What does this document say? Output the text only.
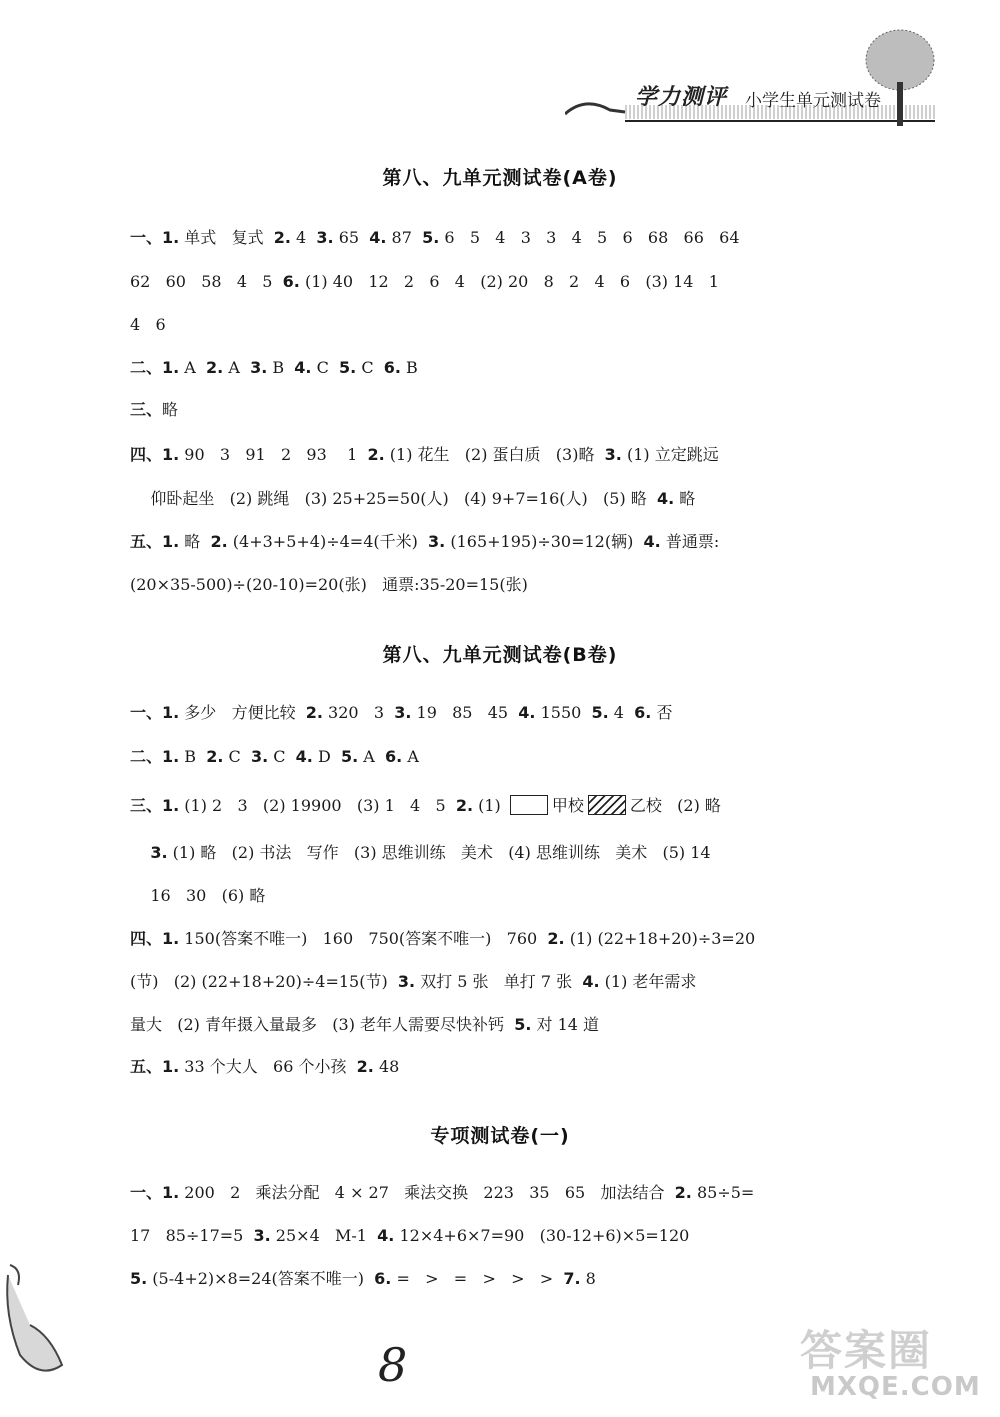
学力测评 小学生单元测试卷
第八、九单元测试卷(A卷)
第八、九单元测试卷(B卷)
专项测试卷(一)
一、1. 单式   复式  2. 4  3. 65  4. 87  5. 6   5   4   3   3   4   5   6   68   66   64
62   60   58   4   5  6. (1) 40   12   2   6   4   (2) 20   8   2   4   6   (3) 14   1
4   6
二、1. A  2. A  3. B  4. C  5. C  6. B
三、略
四、1. 90   3   91   2   93    1  2. (1) 花生   (2) 蛋白质   (3)略  3. (1) 立定跳远
仰卧起坐   (2) 跳绳   (3) 25+25=50(人)   (4) 9+7=16(人)   (5) 略  4. 略
五、1. 略  2. (4+3+5+4)÷4=4(千米)  3. (165+195)÷30=12(辆)  4. 普通票:
(20×35-500)÷(20-10)=20(张)   通票:35-20=15(张)
一、1. 多少   方便比较  2. 320   3  3. 19   85   45  4. 1550  5. 4  6. 否
二、1. B  2. C  3. C  4. D  5. A  6. A
三、1. (1) 2   3   (2) 19900   (3) 1   4   5  2. (1)	甲校	乙校   (2) 略
3. (1) 略   (2) 书法   写作   (3) 思维训练   美术   (4) 思维训练   美术   (5) 14
16   30   (6) 略
四、1. 150(答案不唯一)   160   750(答案不唯一)   760  2. (1) (22+18+20)÷3=20
(节)   (2) (22+18+20)÷4=15(节)  3. 双打 5 张   单打 7 张  4. (1) 老年需求
量大   (2) 青年摄入量最多   (3) 老年人需要尽快补钙  5. 对 14 道
五、1. 33 个大人   66 个小孩  2. 48
一、1. 200   2   乘法分配   4 × 27   乘法交换   223   35   65   加法结合  2. 85÷5=
17   85÷17=5  3. 25×4   M-1  4. 12×4+6×7=90   (30-12+6)×5=120
5. (5-4+2)×8=24(答案不唯一)  6. =   >   =   >   >   >  7. 8
8	答案圈
MXQE.COM
